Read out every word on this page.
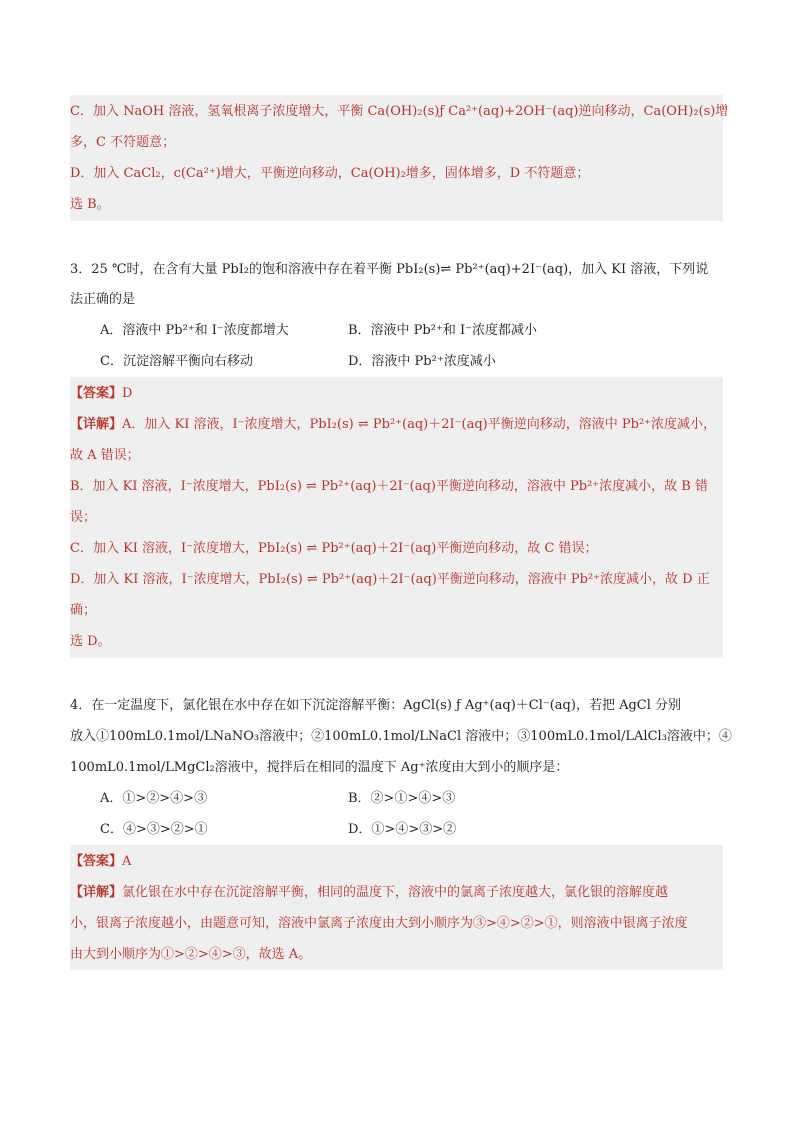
C．加入 NaOH 溶液，氢氧根离子浓度增大，平衡 Ca(OH)₂(s)ƒ Ca²⁺(aq)+2OH⁻(aq)逆向移动，Ca(OH)₂(s)增
多，C 不符题意；
D．加入 CaCl₂，c(Ca²⁺)增大，平衡逆向移动，Ca(OH)₂增多，固体增多，D 不符题意；
选 B。
3．25 ℃时，在含有大量 PbI₂的饱和溶液中存在着平衡 PbI₂(s)⇌ Pb²⁺(aq)+2I⁻(aq)，加入 KI 溶液，下列说
法正确的是
A．溶液中 Pb²⁺和 I⁻浓度都增大	B．溶液中 Pb²⁺和 I⁻浓度都减小
C．沉淀溶解平衡向右移动	D．溶液中 Pb²⁺浓度减小
【答案】D
【详解】A．加入 KI 溶液，I⁻浓度增大，PbI₂(s) ⇌ Pb²⁺(aq)＋2I⁻(aq)平衡逆向移动，溶液中 Pb²⁺浓度减小，
故 A 错误；
B．加入 KI 溶液，I⁻浓度增大，PbI₂(s) ⇌ Pb²⁺(aq)＋2I⁻(aq)平衡逆向移动，溶液中 Pb²⁺浓度减小，故 B 错
误；
C．加入 KI 溶液，I⁻浓度增大，PbI₂(s) ⇌ Pb²⁺(aq)＋2I⁻(aq)平衡逆向移动，故 C 错误；
D．加入 KI 溶液，I⁻浓度增大，PbI₂(s) ⇌ Pb²⁺(aq)＋2I⁻(aq)平衡逆向移动，溶液中 Pb²⁺浓度减小，故 D 正
确；
选 D。
4．在一定温度下，氯化银在水中存在如下沉淀溶解平衡：AgCl(s) ƒ Ag⁺(aq)＋Cl⁻(aq)，若把 AgCl 分别
放入①100mL0.1mol/LNaNO₃溶液中；②100mL0.1mol/LNaCl 溶液中；③100mL0.1mol/LAlCl₃溶液中；④
100mL0.1mol/LMgCl₂溶液中，搅拌后在相同的温度下 Ag⁺浓度由大到小的顺序是：
A．①>②>④>③	B．②>①>④>③
C．④>③>②>①	D．①>④>③>②
【答案】A
【详解】氯化银在水中存在沉淀溶解平衡，相同的温度下，溶液中的氯离子浓度越大，氯化银的溶解度越
小，银离子浓度越小，由题意可知，溶液中氯离子浓度由大到小顺序为③>④>②>①，则溶液中银离子浓度
由大到小顺序为①>②>④>③，故选 A。
